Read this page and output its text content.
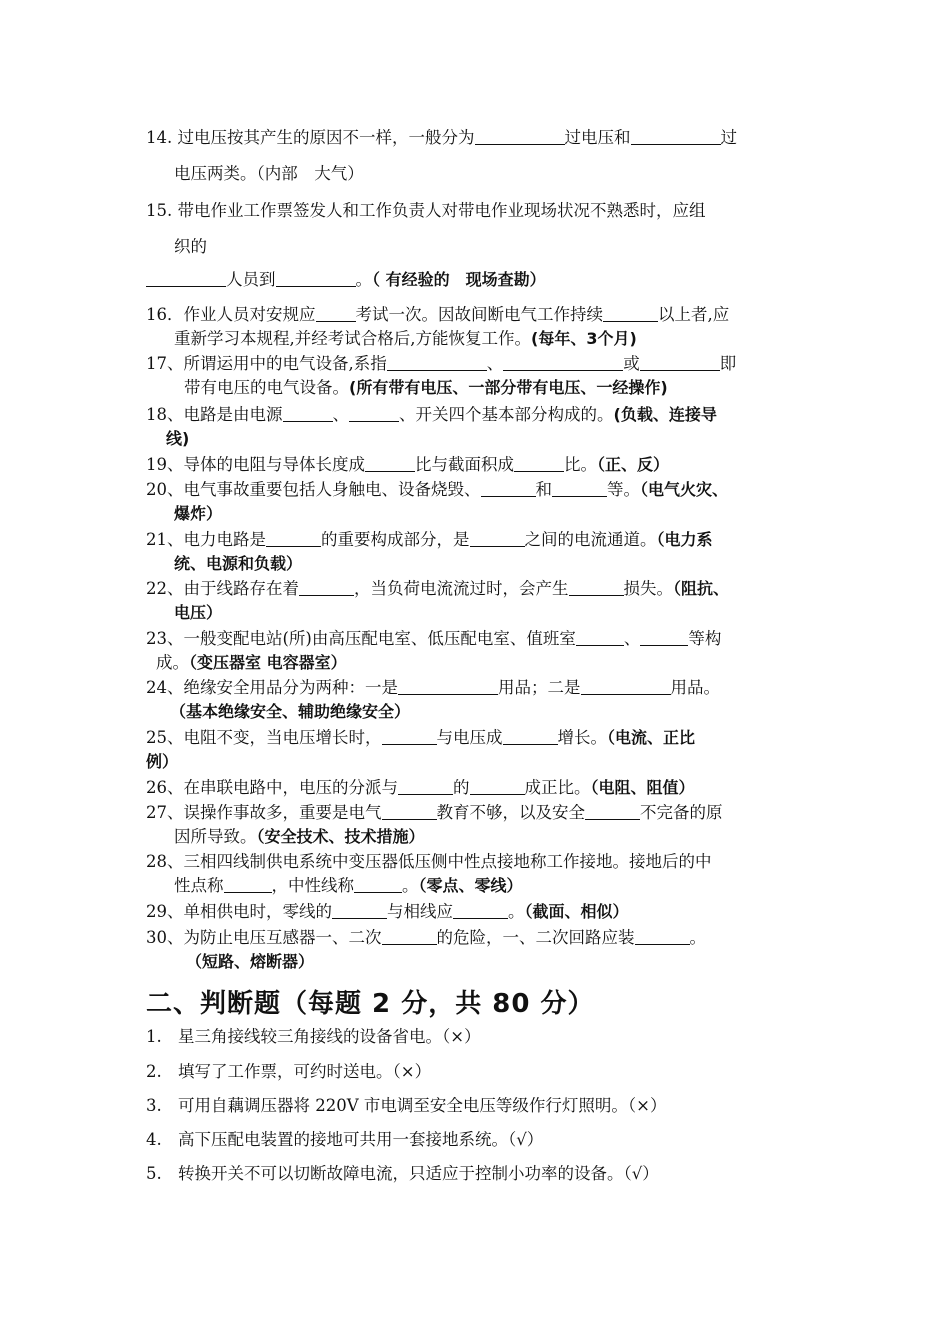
14. 过电压按其产生的原因不一样，一般分为	过电压和	过
电压两类。（内部　大气）
15. 带电作业工作票签发人和工作负责人对带电作业现场状况不熟悉时，应组
织的
人员到	。（ 有经验的　现场查勘）
16．作业人员对安规应 考试一次。因故间断电气工作持续	以上者,应
重新学习本规程,并经考试合格后,方能恢复工作。(每年、3个月)
17、所谓运用中的电气设备,系指	、	或	即
带有电压的电气设备。(所有带有电压、一部分带有电压、一经操作)
18、电路是由电源	、	、开关四个基本部分构成的。(负载、连接导
线)
19、导体的电阻与导体长度成	比与截面积成	比。（正、反）
20、电气事故重要包括人身触电、设备烧毁、	和	等。（电气火灾、
爆炸）
21、电力电路是	的重要构成部分，是	之间的电流通道。（电力系
统、电源和负载）
22、由于线路存在着	，当负荷电流流过时，会产生	损失。（阻抗、
电压）
23、一般变配电站(所)由高压配电室、低压配电室、值班室	、	等构
成。（变压器室 电容器室）
24、绝缘安全用品分为两种：一是	用品；二是	用品。
（基本绝缘安全、辅助绝缘安全）
25、电阻不变，当电压增长时，	与电压成	增长。（电流、正比
例）
26、在串联电路中，电压的分派与	的	成正比。（电阻、阻值）
27、误操作事故多，重要是电气	教育不够，以及安全	不完备的原
因所导致。（安全技术、技术措施）
28、三相四线制供电系统中变压器低压侧中性点接地称工作接地。接地后的中
性点称	，中性线称	。（零点、零线）
29、单相供电时，零线的	与相线应	。（截面、相似）
30、为防止电压互感器一、二次	的危险，一、二次回路应装	。
（短路、熔断器）
二、判断题（每题 2 分，共 80 分）
1. 星三角接线较三角接线的设备省电。（×）
2. 填写了工作票，可约时送电。（×）
3. 可用自藕调压器将 220V 市电调至安全电压等级作行灯照明。（×）
4. 高下压配电装置的接地可共用一套接地系统。（√）
5. 转换开关不可以切断故障电流，只适应于控制小功率的设备。（√）
